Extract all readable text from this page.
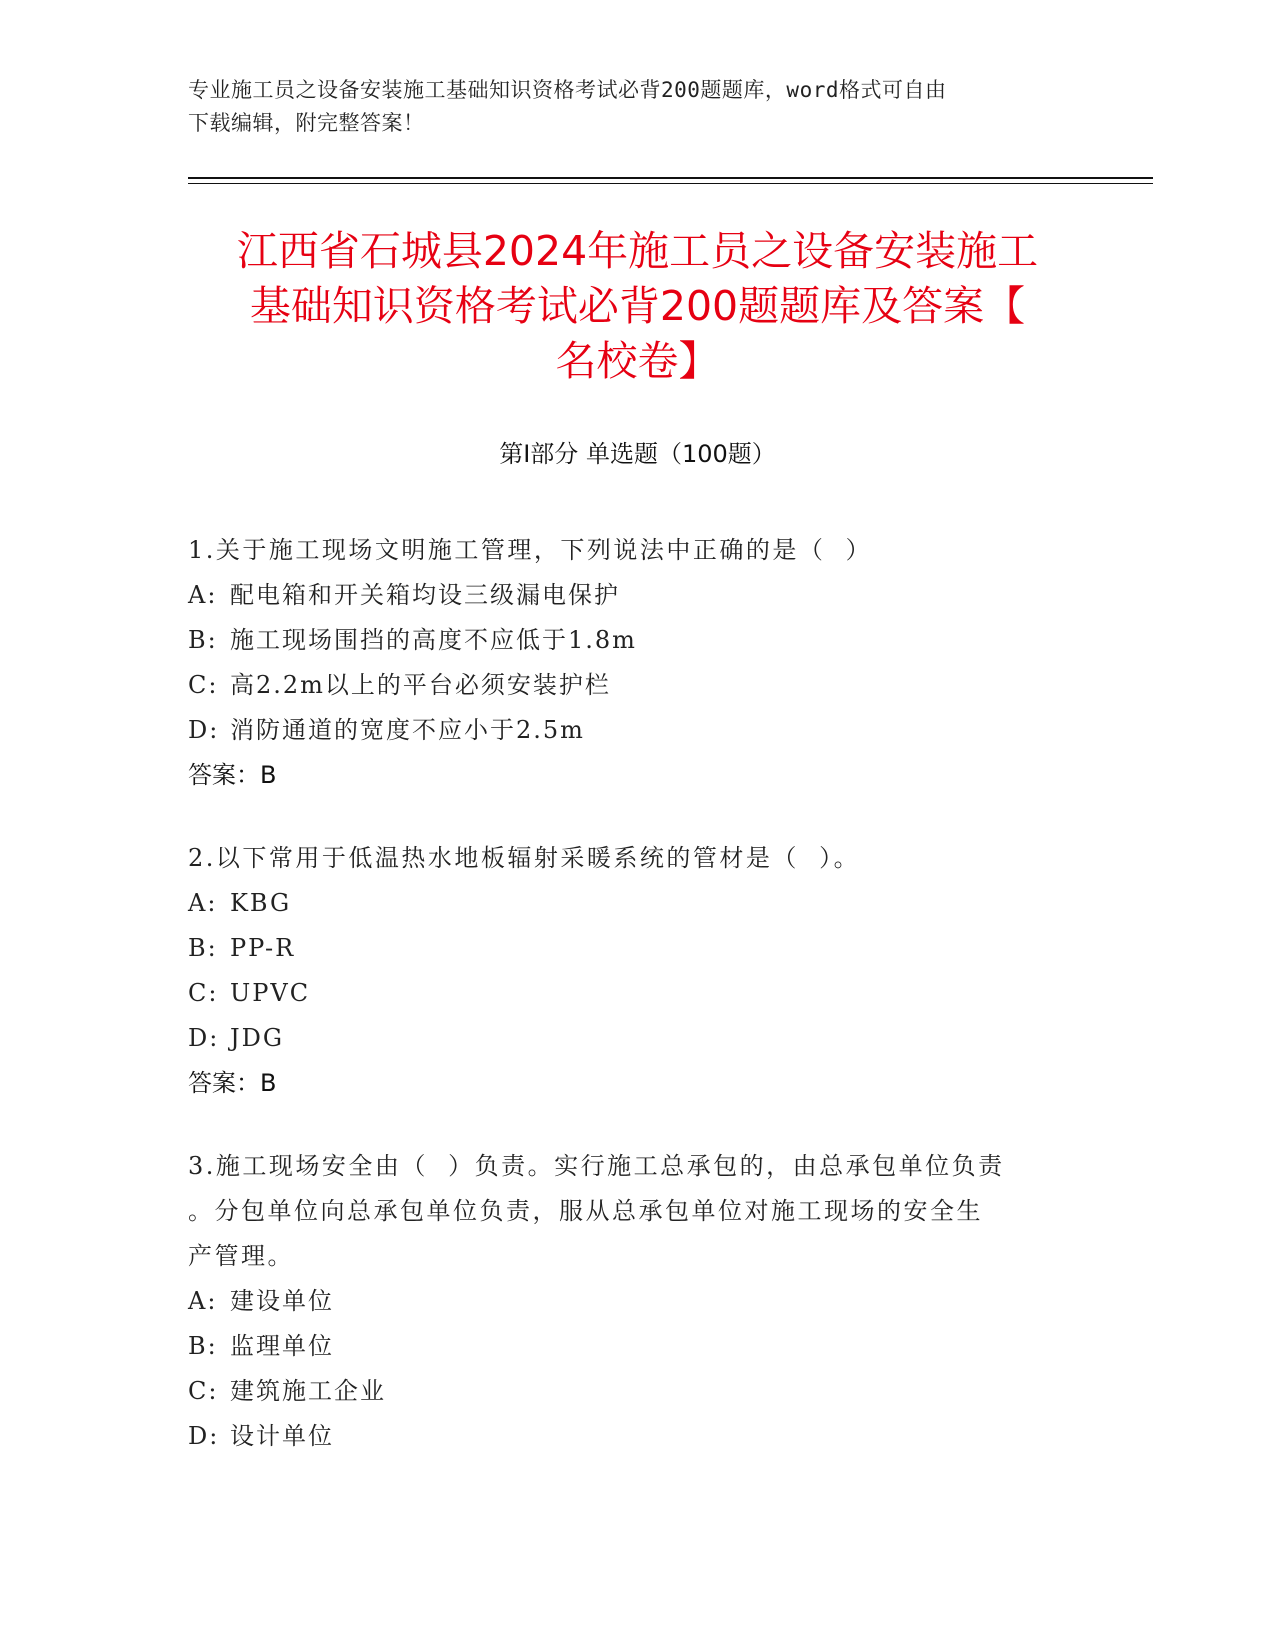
专业施工员之设备安装施工基础知识资格考试必背200题题库，word格式可自由
下载编辑，附完整答案！
江西省石城县2024年施工员之设备安装施工
基础知识资格考试必背200题题库及答案【
名校卷】
第I部分 单选题（100题）
1.关于施工现场文明施工管理，下列说法中正确的是（  ）
A: 配电箱和开关箱均设三级漏电保护
B: 施工现场围挡的高度不应低于1.8m
C: 高2.2m以上的平台必须安装护栏
D: 消防通道的宽度不应小于2.5m
答案：B
2.以下常用于低温热水地板辐射采暖系统的管材是（  ）。
A: KBG
B: PP-R
C: UPVC
D: JDG
答案：B
3.施工现场安全由（  ）负责。实行施工总承包的，由总承包单位负责
。分包单位向总承包单位负责，服从总承包单位对施工现场的安全生
产管理。
A: 建设单位
B: 监理单位
C: 建筑施工企业
D: 设计单位
